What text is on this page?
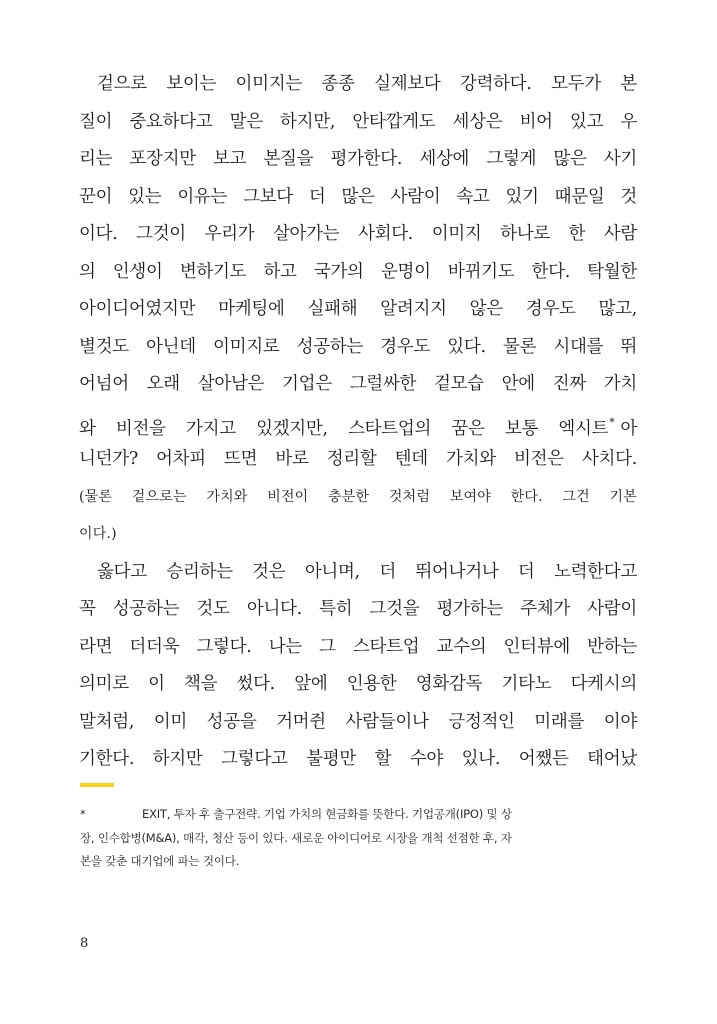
겉으로 보이는 이미지는 종종 실제보다 강력하다. 모두가 본
질이 중요하다고 말은 하지만, 안타깝게도 세상은 비어 있고 우
리는 포장지만 보고 본질을 평가한다. 세상에 그렇게 많은 사기
꾼이 있는 이유는 그보다 더 많은 사람이 속고 있기 때문일 것
이다. 그것이 우리가 살아가는 사회다. 이미지 하나로 한 사람
의 인생이 변하기도 하고 국가의 운명이 바뀌기도 한다. 탁월한
아이디어였지만 마케팅에 실패해 알려지지 않은 경우도 많고,
별것도 아닌데 이미지로 성공하는 경우도 있다. 물론 시대를 뛰
어넘어 오래 살아남은 기업은 그럴싸한 겉모습 안에 진짜 가치
와 비전을 가지고 있겠지만, 스타트업의 꿈은 보통 엑시트* 아
니던가? 어차피 뜨면 바로 정리할 텐데 가치와 비전은 사치다.
(물론 겉으로는 가치와 비전이 충분한 것처럼 보여야 한다. 그건 기본
이다.)
옳다고 승리하는 것은 아니며, 더 뛰어나거나 더 노력한다고
꼭 성공하는 것도 아니다. 특히 그것을 평가하는 주체가 사람이
라면 더더욱 그렇다. 나는 그 스타트업 교수의 인터뷰에 반하는
의미로 이 책을 썼다. 앞에 인용한 영화감독 기타노 다케시의
말처럼, 이미 성공을 거머쥔 사람들이나 긍정적인 미래를 이야
기한다. 하지만 그렇다고 불평만 할 수야 있나. 어쨌든 태어났
*	EXIT, 투자 후 출구전략. 기업 가치의 현금화를 뜻한다. 기업공개(IPO) 및 상
장, 인수합병(M&A), 매각, 청산 등이 있다. 새로운 아이디어로 시장을 개척 선점한 후, 자
본을 갖춘 대기업에 파는 것이다.
8
